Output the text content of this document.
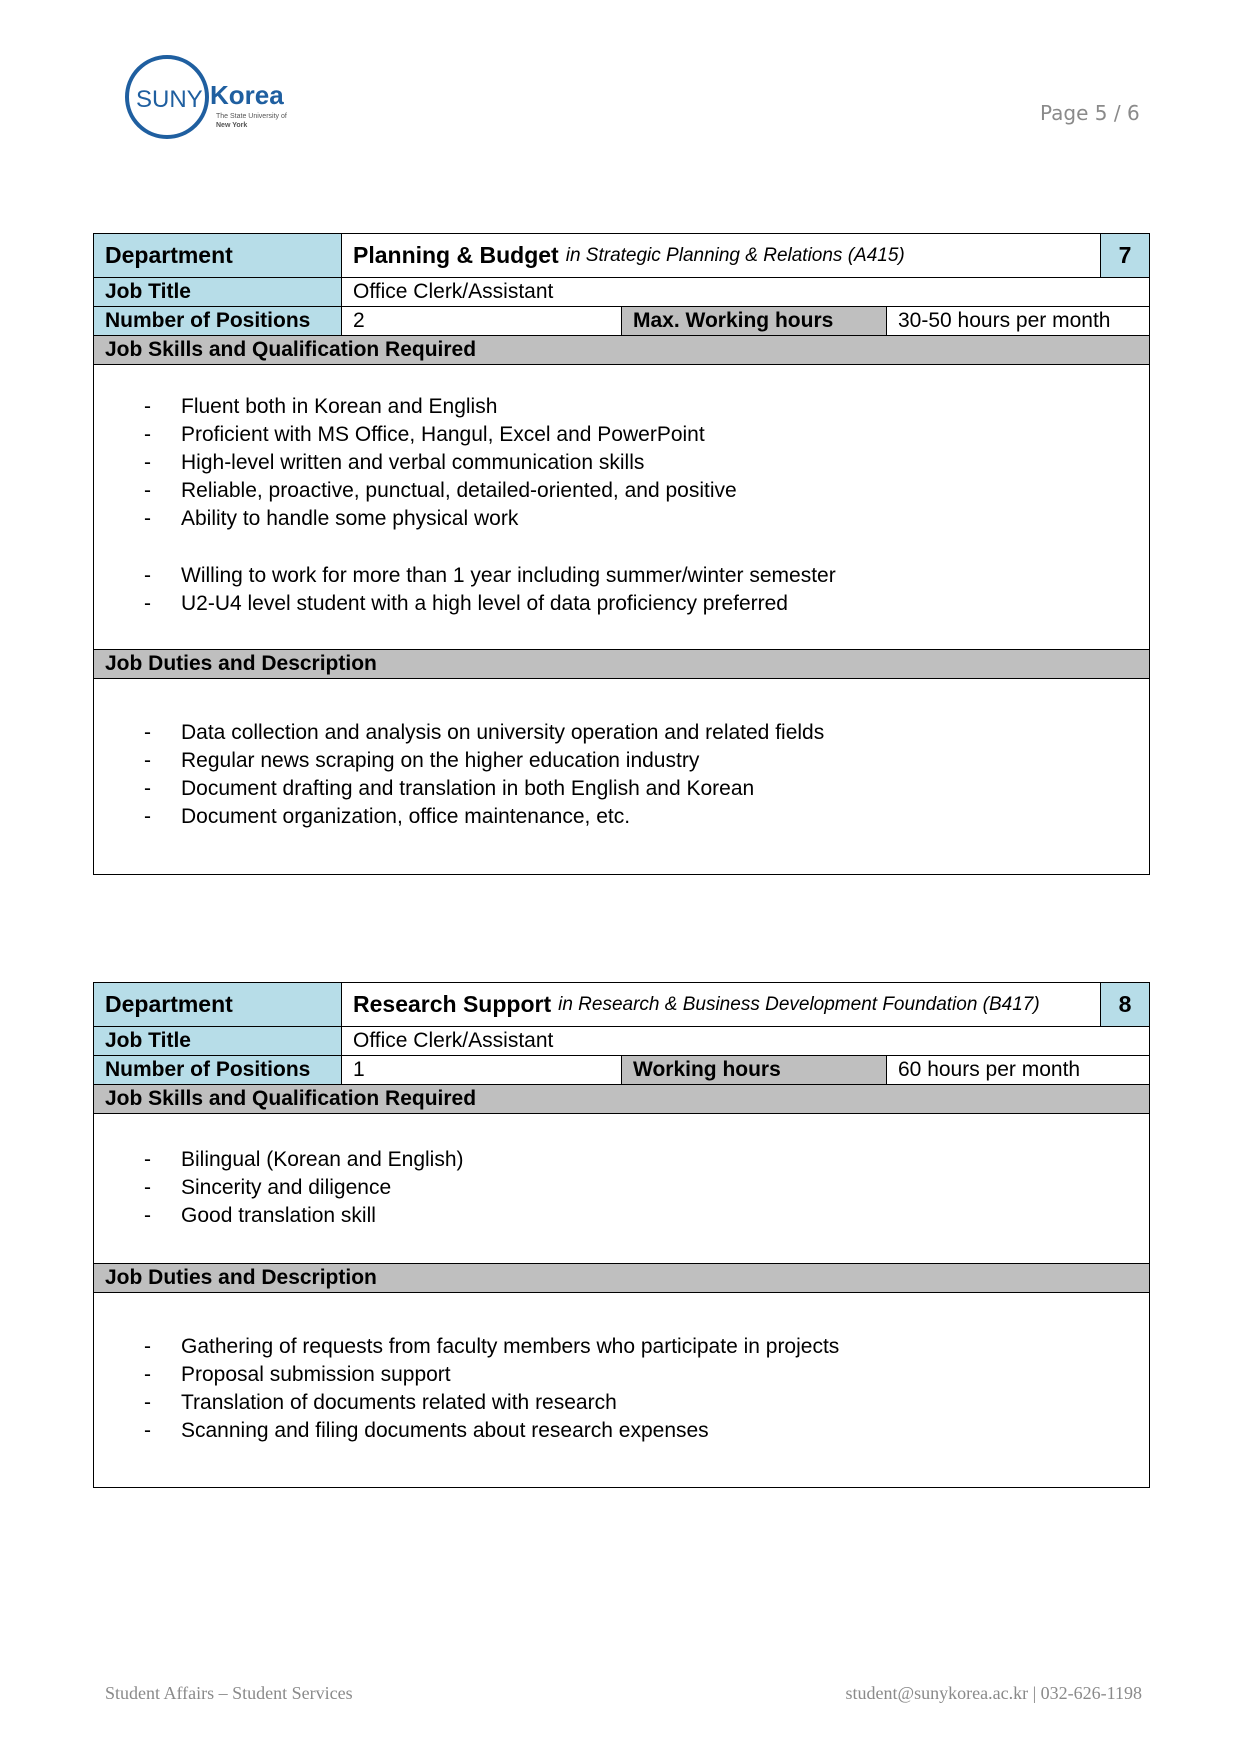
SUNY Korea
The State University of
New York
Page 5 / 6
Department	Planning & Budget in Strategic Planning & Relations (A415)	7
Job Title	Office Clerk/Assistant
Number of Positions	2	Max. Working hours	30-50 hours per month
Job Skills and Qualification Required
- Fluent both in Korean and English
- Proficient with MS Office, Hangul, Excel and PowerPoint
- High-level written and verbal communication skills
- Reliable, proactive, punctual, detailed-oriented, and positive
- Ability to handle some physical work
- Willing to work for more than 1 year including summer/winter semester
- U2-U4 level student with a high level of data proficiency preferred
Job Duties and Description
- Data collection and analysis on university operation and related fields
- Regular news scraping on the higher education industry
- Document drafting and translation in both English and Korean
- Document organization, office maintenance, etc.
Department	Research Support in Research & Business Development Foundation (B417)	8
Job Title	Office Clerk/Assistant
Number of Positions	1	Working hours	60 hours per month
Job Skills and Qualification Required
- Bilingual (Korean and English)
- Sincerity and diligence
- Good translation skill
Job Duties and Description
- Gathering of requests from faculty members who participate in projects
- Proposal submission support
- Translation of documents related with research
- Scanning and filing documents about research expenses
Student Affairs – Student Services	student@sunykorea.ac.kr | 032-626-1198
